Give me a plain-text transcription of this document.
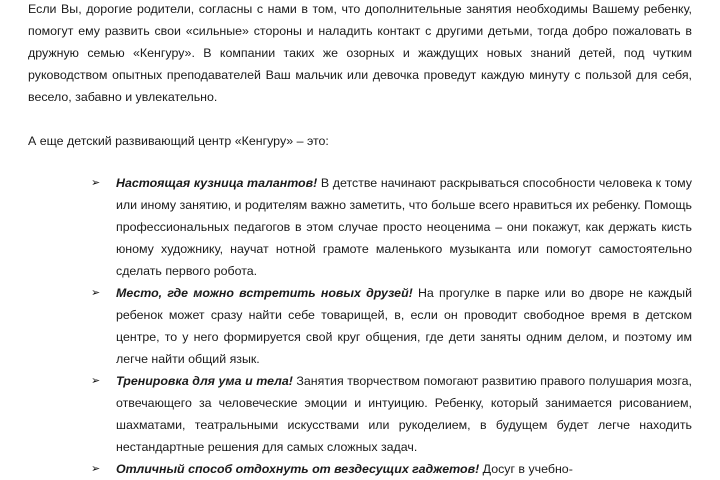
Если Вы, дорогие родители, согласны с нами в том, что дополнительные занятия необходимы Вашему ребенку, помогут ему развить свои «сильные» стороны и наладить контакт с другими детьми, тогда добро пожаловать в дружную семью «Кенгуру». В компании таких же озорных и жаждущих новых знаний детей, под чутким руководством опытных преподавателей Ваш мальчик или девочка проведут каждую минуту с пользой для себя, весело, забавно и увлекательно.

А еще детский развивающий центр «Кенгуру» – это:

➢ Настоящая кузница талантов! В детстве начинают раскрываться способности человека к тому или иному занятию, и родителям важно заметить, что больше всего нравиться их ребенку. Помощь профессиональных педагогов в этом случае просто неоценима – они покажут, как держать кисть юному художнику, научат нотной грамоте маленького музыканта или помогут самостоятельно сделать первого робота.
➢ Место, где можно встретить новых друзей! На прогулке в парке или во дворе не каждый ребенок может сразу найти себе товарищей, в, если он проводит свободное время в детском центре, то у него формируется свой круг общения, где дети заняты одним делом, и поэтому им легче найти общий язык.
➢ Тренировка для ума и тела! Занятия творчеством помогают развитию правого полушария мозга, отвечающего за человеческие эмоции и интуицию. Ребенку, который занимается рисованием, шахматами, театральными искусствами или рукоделием, в будущем будет легче находить нестандартные решения для самых сложных задач.
➢ Отличный способ отдохнуть от вездесущих гаджетов! Досуг в учебно-
